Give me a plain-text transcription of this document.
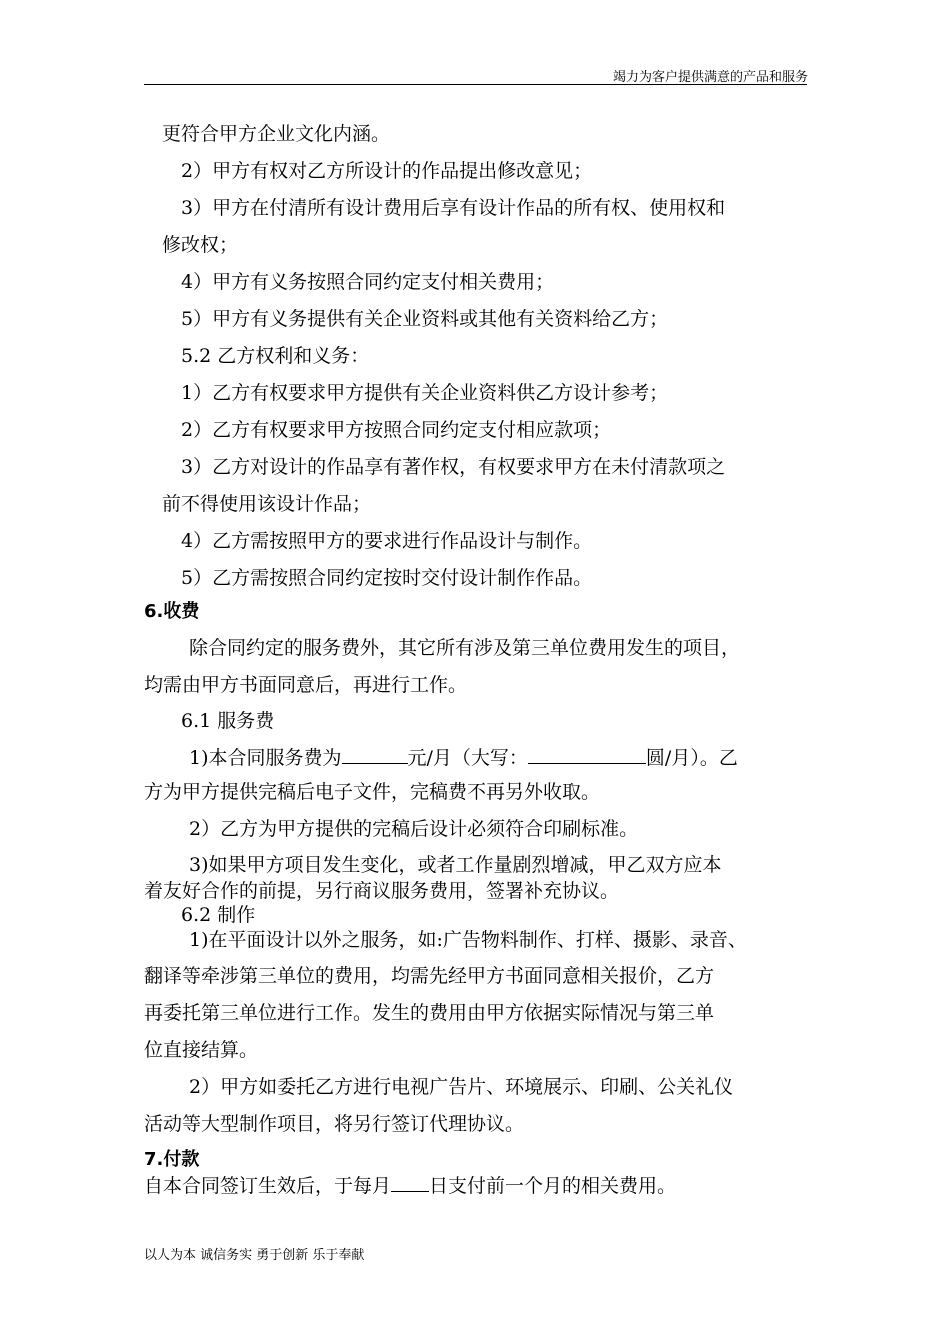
竭力为客户提供满意的产品和服务
更符合甲方企业文化内涵。
2）甲方有权对乙方所设计的作品提出修改意见；
3）甲方在付清所有设计费用后享有设计作品的所有权、使用权和
修改权；
4）甲方有义务按照合同约定支付相关费用；
5）甲方有义务提供有关企业资料或其他有关资料给乙方；
5.2 乙方权利和义务：
1）乙方有权要求甲方提供有关企业资料供乙方设计参考；
2）乙方有权要求甲方按照合同约定支付相应款项；
3）乙方对设计的作品享有著作权，有权要求甲方在未付清款项之
前不得使用该设计作品；
4）乙方需按照甲方的要求进行作品设计与制作。
5）乙方需按照合同约定按时交付设计制作作品。
6.收费
除合同约定的服务费外，其它所有涉及第三单位费用发生的项目，
均需由甲方书面同意后，再进行工作。
6.1 服务费
1)本合同服务费为	元/月（大写：	圆/月）。乙
方为甲方提供完稿后电子文件，完稿费不再另外收取。
2）乙方为甲方提供的完稿后设计必须符合印刷标准。
3)如果甲方项目发生变化，或者工作量剧烈增减，甲乙双方应本
着友好合作的前提，另行商议服务费用，签署补充协议。
6.2 制作
1)在平面设计以外之服务，如:广告物料制作、打样、摄影、录音、
翻译等牵涉第三单位的费用，均需先经甲方书面同意相关报价，乙方
再委托第三单位进行工作。发生的费用由甲方依据实际情况与第三单
位直接结算。
2）甲方如委托乙方进行电视广告片、环境展示、印刷、公关礼仪
活动等大型制作项目，将另行签订代理协议。
7.付款
自本合同签订生效后，于每月 日支付前一个月的相关费用。
以人为本 诚信务实 勇于创新 乐于奉献
